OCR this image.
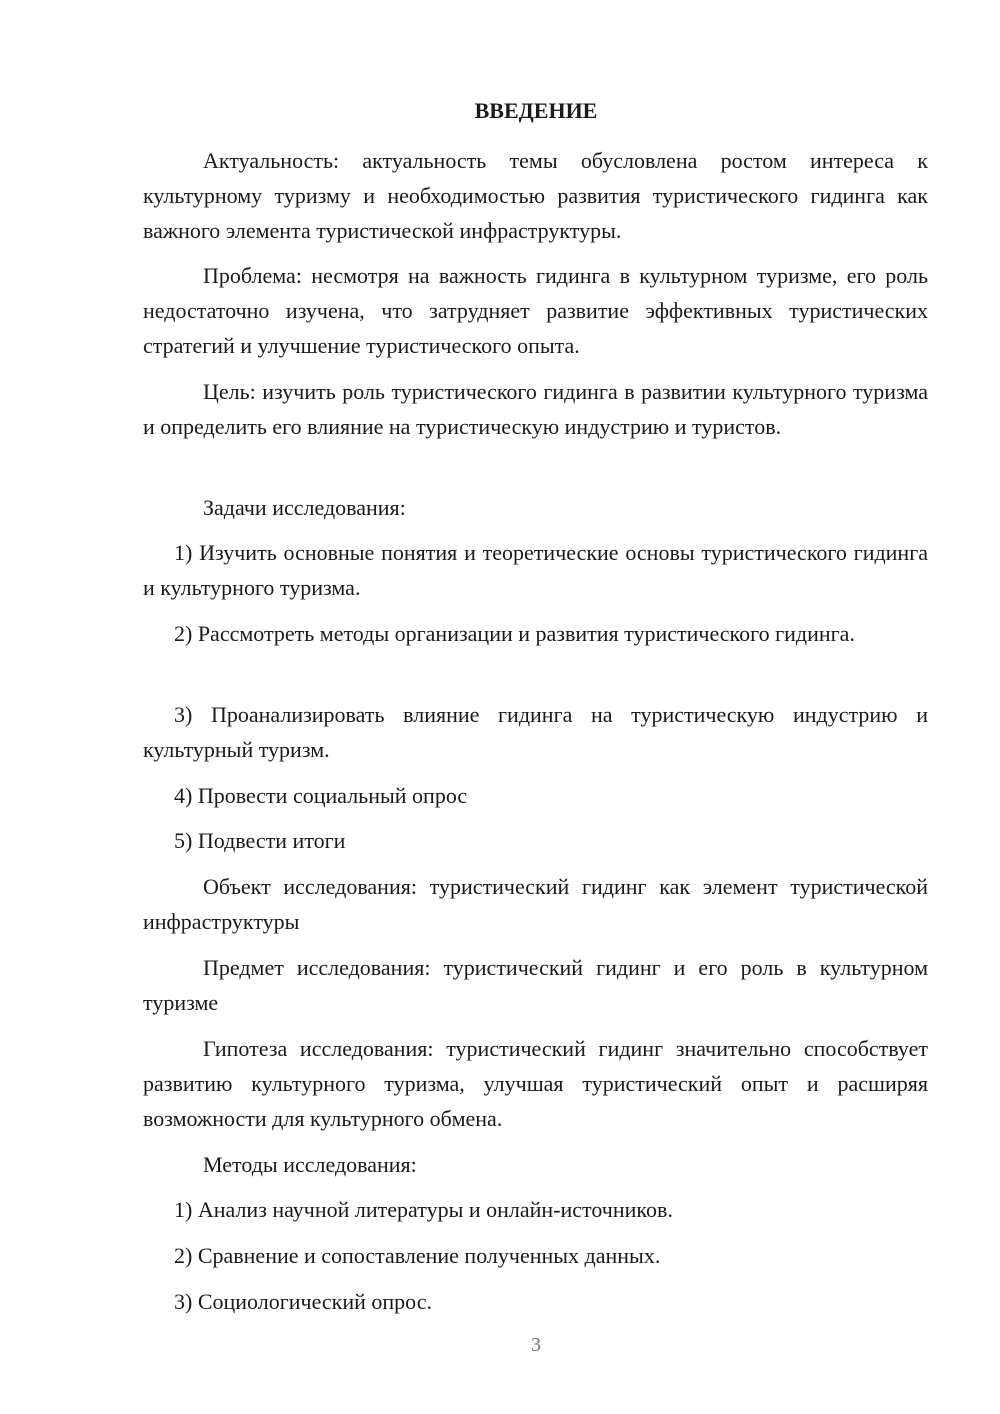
ВВЕДЕНИЕ
Актуальность: актуальность темы обусловлена ростом интереса к культурному туризму и необходимостью развития туристического гидинга как важного элемента туристической инфраструктуры.
Проблема: несмотря на важность гидинга в культурном туризме, его роль недостаточно изучена, что затрудняет развитие эффективных туристических стратегий и улучшение туристического опыта.
Цель: изучить роль туристического гидинга в развитии культурного туризма и определить его влияние на туристическую индустрию и туристов.
Задачи исследования:
1) Изучить основные понятия и теоретические основы туристического гидинга и культурного туризма.
2) Рассмотреть методы организации и развития туристического гидинга.
3) Проанализировать влияние гидинга на туристическую индустрию и культурный туризм.
4) Провести социальный опрос
5) Подвести итоги
Объект исследования: туристический гидинг как элемент туристической инфраструктуры
Предмет исследования: туристический гидинг и его роль в культурном туризме
Гипотеза исследования: туристический гидинг значительно способствует развитию культурного туризма, улучшая туристический опыт и расширяя возможности для культурного обмена.
Методы исследования:
1) Анализ научной литературы и онлайн-источников.
2) Сравнение и сопоставление полученных данных.
3) Социологический опрос.
3
